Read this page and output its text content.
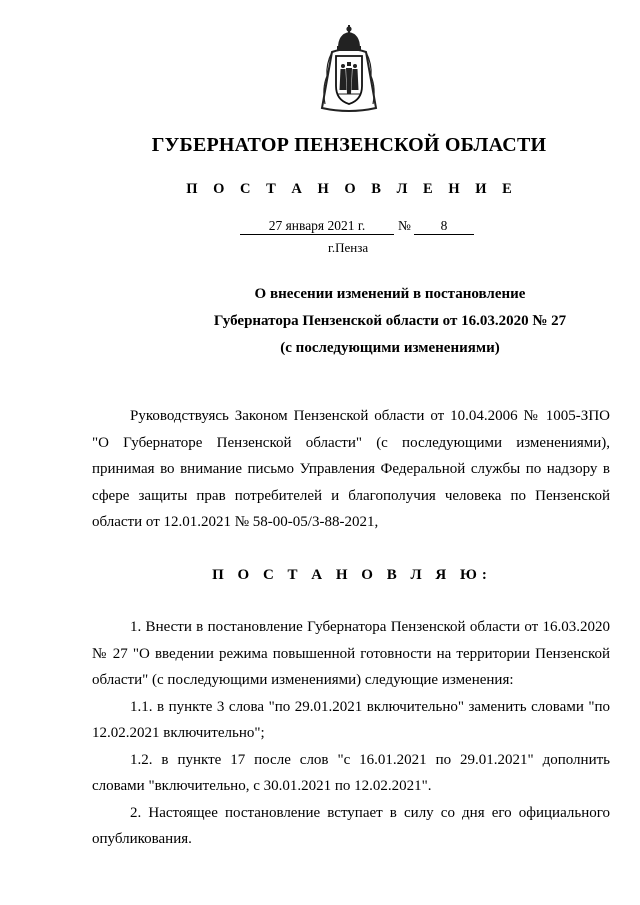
ГУБЕРНАТОР ПЕНЗЕНСКОЙ ОБЛАСТИ
П О С Т А Н О В Л Е Н И Е
27 января 2021 г.	№	8
г.Пенза
О внесении изменений в постановление
Губернатора Пензенской области от 16.03.2020 № 27
(с последующими изменениями)

Руководствуясь Законом Пензенской области от 10.04.2006 № 1005-ЗПО "О Губернаторе Пензенской области" (с последующими изменениями), принимая во внимание письмо Управления Федеральной службы по надзору в сфере защиты прав потребителей и благополучия человека по Пензенской области от 12.01.2021 № 58-00-05/3-88-2021,

П О С Т А Н О В Л Я Ю:

1. Внести в постановление Губернатора Пензенской области от 16.03.2020 № 27 "О введении режима повышенной готовности на территории Пензенской области" (с последующими изменениями) следующие изменения:

1.1. в пункте 3 слова "по 29.01.2021 включительно" заменить словами "по 12.02.2021 включительно";

1.2. в пункте 17 после слов "с 16.01.2021 по 29.01.2021" дополнить словами "включительно, с 30.01.2021 по 12.02.2021".

2. Настоящее постановление вступает в силу со дня его официального опубликования.
